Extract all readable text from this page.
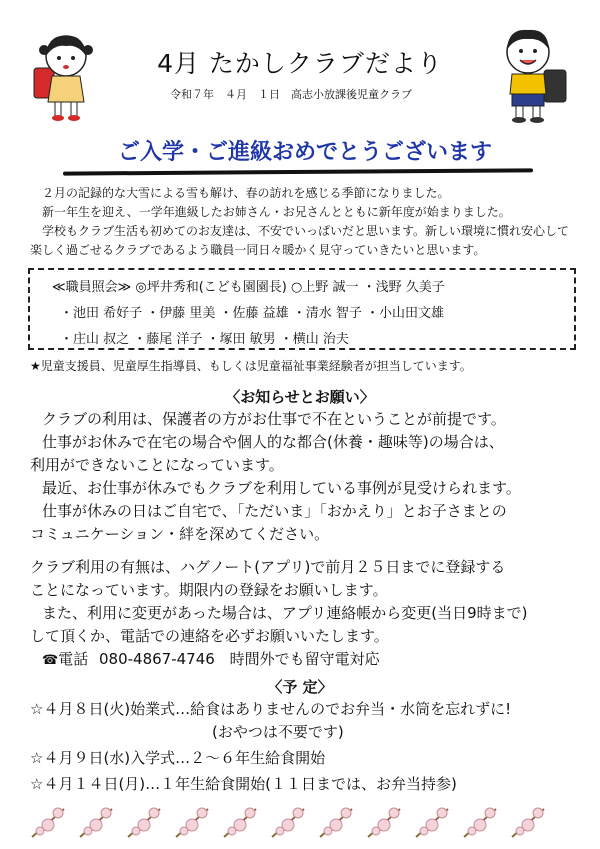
4月 たかしクラブだより
令和７年　４月　１日　高志小放課後児童クラブ
ご入学・ご進級おめでとうございます
２月の記録的な大雪による雪も解け、春の訪れを感じる季節になりました。
新一年生を迎え、一学年進級したお姉さん・お兄さんとともに新年度が始まりました。
学校もクラブ生活も初めてのお友達は、不安でいっぱいだと思います。新しい環境に慣れ安心して
楽しく過ごせるクラブであるよう職員一同日々暖かく見守っていきたいと思います。
≪職員照会≫ ◎坪井秀和(こども園園長) ○上野 誠一 ・浅野 久美子
・池田 希好子 ・伊藤 里美 ・佐藤 益雄 ・清水 智子 ・小山田文雄
・庄山 叔之 ・藤尾 洋子 ・塚田 敏男 ・横山 治夫
★児童支援員、児童厚生指導員、もしくは児童福祉事業経験者が担当しています。
〈お知らせとお願い〉
クラブの利用は、保護者の方がお仕事で不在ということが前提です。
仕事がお休みで在宅の場合や個人的な都合(休養・趣味等)の場合は、
利用ができないことになっています。
最近、お仕事が休みでもクラブを利用している事例が見受けられます。
仕事が休みの日はご自宅で、「ただいま」「おかえり」とお子さまとの
コミュニケーション・絆を深めてください。
クラブ利用の有無は、ハグノート(アプリ)で前月２５日までに登録する
ことになっています。期限内の登録をお願いします。
また、利用に変更があった場合は、アプリ連絡帳から変更(当日9時まで)
して頂くか、電話での連絡を必ずお願いいたします。
☎電話 080-4867-4746 時間外でも留守電対応
〈予 定〉
☆４月８日(火)始業式…給食はありませんのでお弁当・水筒を忘れずに!
(おやつは不要です)
☆４月９日(水)入学式…２～６年生給食開始
☆４月１４日(月)…１年生給食開始(１１日までは、お弁当持参)
